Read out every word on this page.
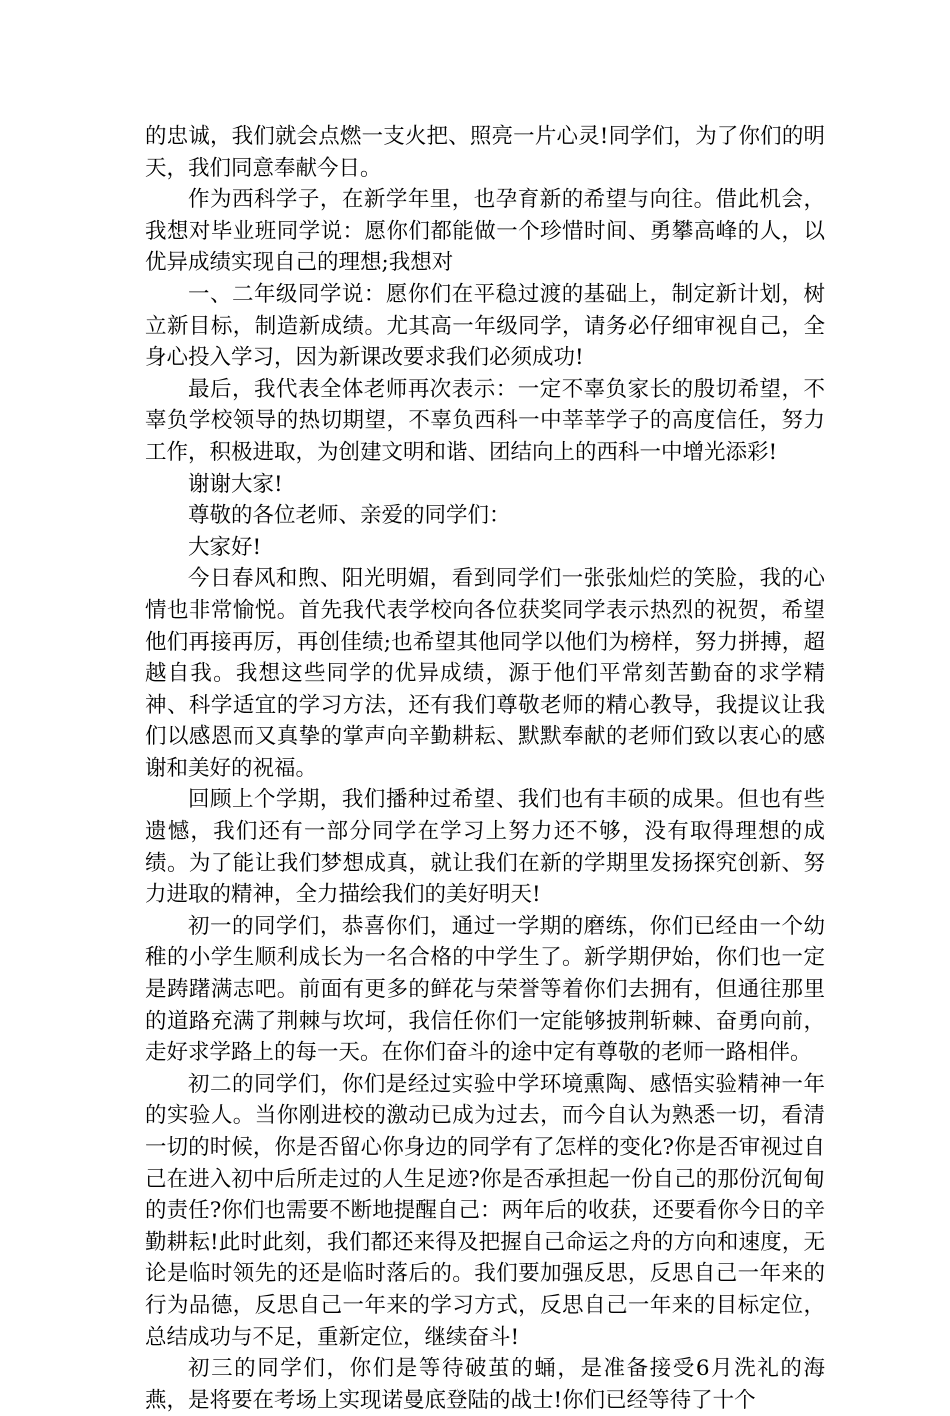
的忠诚，我们就会点燃一支火把、照亮一片心灵!同学们，为了你们的明天，我们同意奉献今日。

作为西科学子，在新学年里，也孕育新的希望与向往。借此机会，我想对毕业班同学说：愿你们都能做一个珍惜时间、勇攀高峰的人，以优异成绩实现自己的理想;我想对

一、二年级同学说：愿你们在平稳过渡的基础上，制定新计划，树立新目标，制造新成绩。尤其高一年级同学，请务必仔细审视自己，全身心投入学习，因为新课改要求我们必须成功!

最后，我代表全体老师再次表示：一定不辜负家长的殷切希望，不辜负学校领导的热切期望，不辜负西科一中莘莘学子的高度信任，努力工作，积极进取，为创建文明和谐、团结向上的西科一中增光添彩!

谢谢大家!

尊敬的各位老师、亲爱的同学们：

大家好!

今日春风和煦、阳光明媚，看到同学们一张张灿烂的笑脸，我的心情也非常愉悦。首先我代表学校向各位获奖同学表示热烈的祝贺，希望他们再接再厉，再创佳绩;也希望其他同学以他们为榜样，努力拼搏，超越自我。我想这些同学的优异成绩，源于他们平常刻苦勤奋的求学精神、科学适宜的学习方法，还有我们尊敬老师的精心教导，我提议让我们以感恩而又真挚的掌声向辛勤耕耘、默默奉献的老师们致以衷心的感谢和美好的祝福。

回顾上个学期，我们播种过希望、我们也有丰硕的成果。但也有些遗憾，我们还有一部分同学在学习上努力还不够，没有取得理想的成绩。为了能让我们梦想成真，就让我们在新的学期里发扬探究创新、努力进取的精神，全力描绘我们的美好明天!

初一的同学们，恭喜你们，通过一学期的磨练，你们已经由一个幼稚的小学生顺利成长为一名合格的中学生了。新学期伊始，你们也一定是踌躇满志吧。前面有更多的鲜花与荣誉等着你们去拥有，但通往那里的道路充满了荆棘与坎坷，我信任你们一定能够披荆斩棘、奋勇向前，走好求学路上的每一天。在你们奋斗的途中定有尊敬的老师一路相伴。

初二的同学们，你们是经过实验中学环境熏陶、感悟实验精神一年的实验人。当你刚进校的激动已成为过去，而今自认为熟悉一切，看清一切的时候，你是否留心你身边的同学有了怎样的变化?你是否审视过自己在进入初中后所走过的人生足迹?你是否承担起一份自己的那份沉甸甸的责任?你们也需要不断地提醒自己：两年后的收获，还要看你今日的辛勤耕耘!此时此刻，我们都还来得及把握自己命运之舟的方向和速度，无论是临时领先的还是临时落后的。我们要加强反思，反思自己一年来的行为品德，反思自己一年来的学习方式，反思自己一年来的目标定位，总结成功与不足，重新定位，继续奋斗!

初三的同学们，你们是等待破茧的蛹，是准备接受6月洗礼的海燕，是将要在考场上实现诺曼底登陆的战士!你们已经等待了十个
